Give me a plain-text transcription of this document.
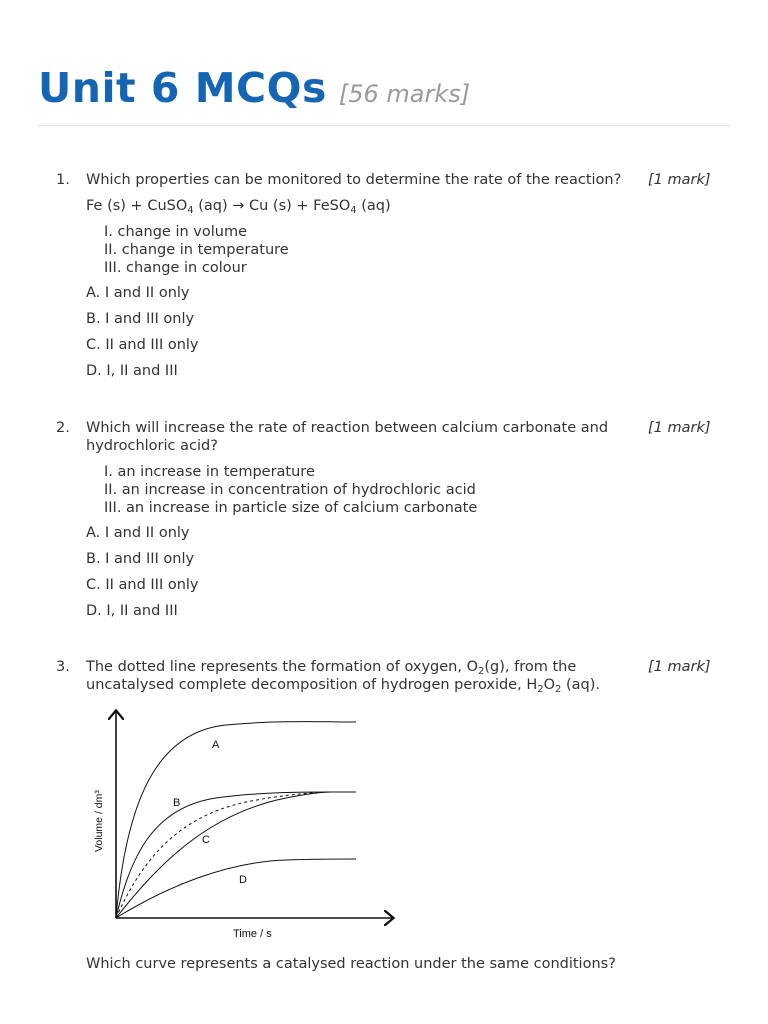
Unit 6 MCQs [56 marks]
1. Which properties can be monitored to determine the rate of the reaction?	[1 mark]
Fe (s) + CuSO$_4$ (aq) → Cu (s) + FeSO$_4$ (aq)
I. change in volume
II. change in temperature
III. change in colour
A. I and II only
B. I and III only
C. II and III only
D. I, II and III
2. Which will increase the rate of reaction between calcium carbonate and
hydrochloric acid?
[1 mark]
I. an increase in temperature
II. an increase in concentration of hydrochloric acid
III. an increase in particle size of calcium carbonate
A. I and II only
B. I and III only
C. II and III only
D. I, II and III
3. The dotted line represents the formation of oxygen, $O_2(g)$, from the
uncatalysed complete decomposition of hydrogen peroxide, $H_2O_2$ (aq).
[1 mark]
A
B
C
D
Time / s
Volume / dm³
Which curve represents a catalysed reaction under the same conditions?
